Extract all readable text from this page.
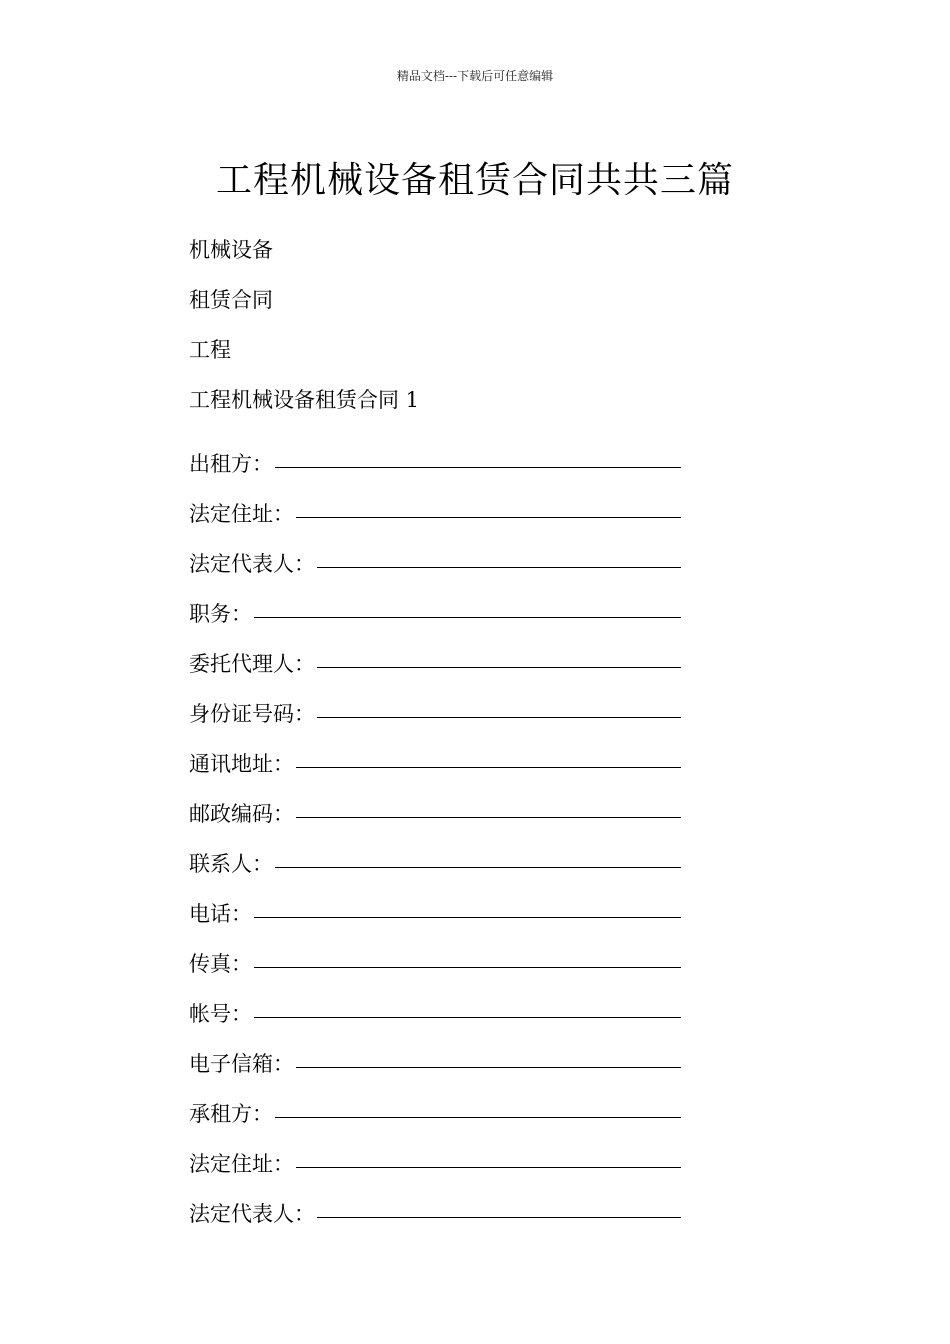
精品文档---下载后可任意编辑
工程机械设备租赁合同共共三篇
机械设备
租赁合同
工程
工程机械设备租赁合同 1
出租方：
法定住址：
法定代表人：
职务：
委托代理人：
身份证号码：
通讯地址：
邮政编码：
联系人：
电话：
传真：
帐号：
电子信箱：
承租方：
法定住址：
法定代表人：
